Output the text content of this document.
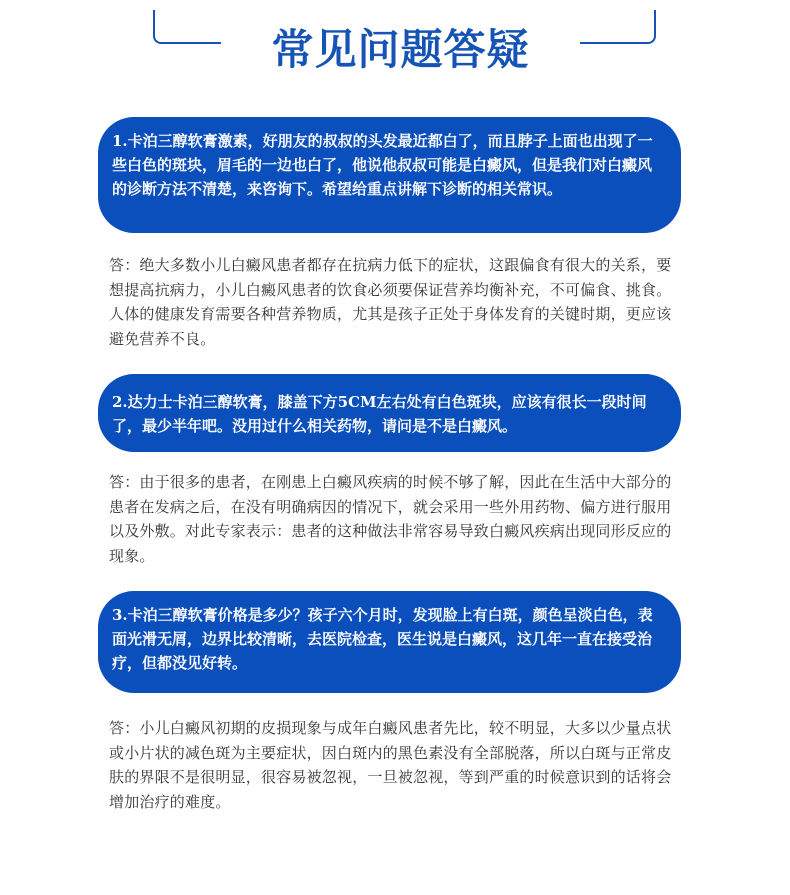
常见问题答疑
1.卡泊三醇软膏激素，好朋友的叔叔的头发最近都白了，而且脖子上面也出现了一些白色的斑块，眉毛的一边也白了，他说他叔叔可能是白癜风，但是我们对白癜风的诊断方法不清楚，来咨询下。希望给重点讲解下诊断的相关常识。
答：绝大多数小儿白癜风患者都存在抗病力低下的症状，这跟偏食有很大的关系，要想提高抗病力，小儿白癜风患者的饮食必须要保证营养均衡补充，不可偏食、挑食。人体的健康发育需要各种营养物质，尤其是孩子正处于身体发育的关键时期，更应该避免营养不良。
2.达力士卡泊三醇软膏，膝盖下方5CM左右处有白色斑块，应该有很长一段时间了，最少半年吧。没用过什么相关药物，请问是不是白癜风。
答：由于很多的患者，在刚患上白癜风疾病的时候不够了解，因此在生活中大部分的患者在发病之后，在没有明确病因的情况下，就会采用一些外用药物、偏方进行服用以及外敷。对此专家表示：患者的这种做法非常容易导致白癜风疾病出现同形反应的现象。
3.卡泊三醇软膏价格是多少？孩子六个月时，发现脸上有白斑，颜色呈淡白色，表面光滑无屑，边界比较清晰，去医院检查，医生说是白癜风，这几年一直在接受治疗，但都没见好转。
答：小儿白癜风初期的皮损现象与成年白癜风患者先比，较不明显，大多以少量点状或小片状的减色斑为主要症状，因白斑内的黑色素没有全部脱落，所以白斑与正常皮肤的界限不是很明显，很容易被忽视，一旦被忽视，等到严重的时候意识到的话将会增加治疗的难度。
